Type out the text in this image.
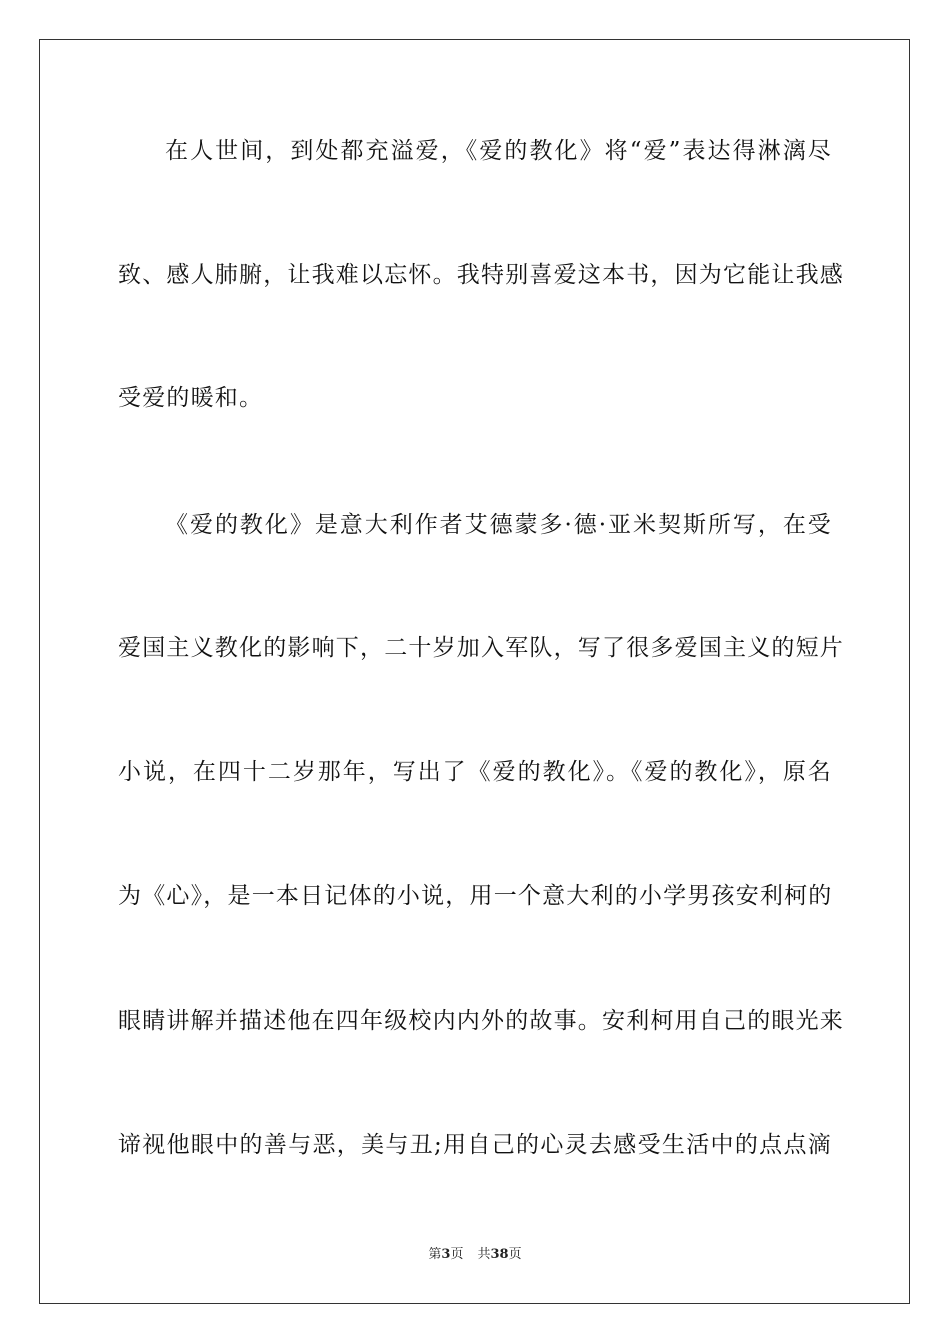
在人世间，到处都充溢爱，《爱的教化》将“爱”表达得淋漓尽
致、感人肺腑，让我难以忘怀。我特别喜爱这本书，因为它能让我感
受爱的暖和。
《爱的教化》是意大利作者艾德蒙多·德·亚米契斯所写，在受
爱国主义教化的影响下，二十岁加入军队，写了很多爱国主义的短片
小说，在四十二岁那年，写出了《爱的教化》。《爱的教化》，原名
为《心》，是一本日记体的小说，用一个意大利的小学男孩安利柯的
眼睛讲解并描述他在四年级校内内外的故事。安利柯用自己的眼光来
谛视他眼中的善与恶，美与丑;用自己的心灵去感受生活中的点点滴
第3页 共38页
